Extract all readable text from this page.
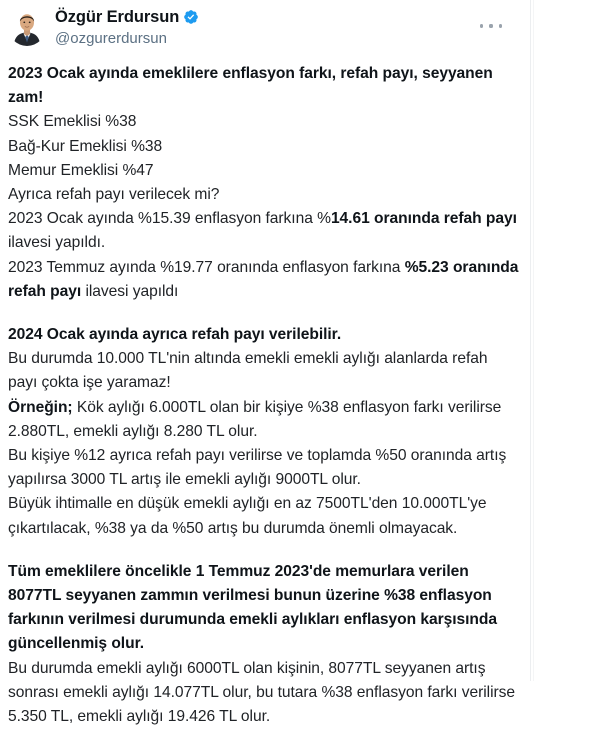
Özgür Erdursun
@ozgurerdursun
2023 Ocak ayında emeklilere enflasyon farkı, refah payı, seyyanen zam!
SSK Emeklisi %38
Bağ-Kur Emeklisi %38
Memur Emeklisi %47
Ayrıca refah payı verilecek mi?
2023 Ocak ayında %15.39 enflasyon farkına %14.61 oranında refah payı ilavesi yapıldı.
2023 Temmuz ayında %19.77 oranında enflasyon farkına %5.23 oranında refah payı ilavesi yapıldı
2024 Ocak ayında ayrıca refah payı verilebilir.
Bu durumda 10.000 TL'nin altında emekli emekli aylığı alanlarda refah payı çokta işe yaramaz!
Örneğin; Kök aylığı 6.000TL olan bir kişiye %38 enflasyon farkı verilirse 2.880TL, emekli aylığı 8.280 TL olur.
Bu kişiye %12 ayrıca refah payı verilirse ve toplamda %50 oranında artış yapılırsa 3000 TL artış ile emekli aylığı 9000TL olur.
Büyük ihtimalle en düşük emekli aylığı en az 7500TL'den 10.000TL'ye çıkartılacak, %38 ya da %50 artış bu durumda önemli olmayacak.
Tüm emeklilere öncelikle 1 Temmuz 2023'de memurlara verilen 8077TL seyyanen zammın verilmesi bunun üzerine %38 enflasyon farkının verilmesi durumunda emekli aylıkları enflasyon karşısında güncellenmiş olur.
Bu durumda emekli aylığı 6000TL olan kişinin, 8077TL seyyanen artış sonrası emekli aylığı 14.077TL olur, bu tutara %38 enflasyon farkı verilirse 5.350 TL, emekli aylığı 19.426 TL olur.
